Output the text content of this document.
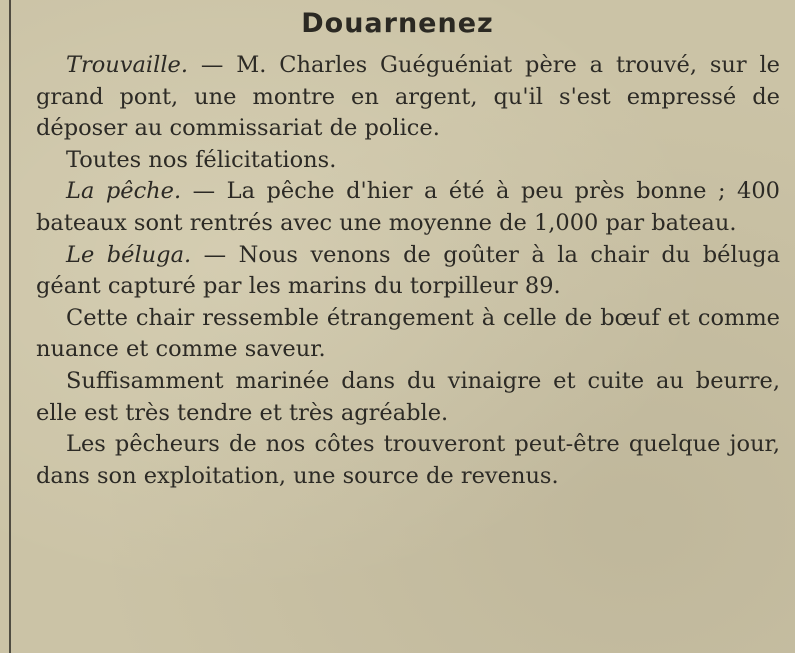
Douarnenez

Trouvaille. — M. Charles Guéguéniat père a trouvé, sur le grand pont, une montre en argent, qu'il s'est empressé de déposer au commissariat de police.

Toutes nos félicitations.

La pêche. — La pêche d'hier a été à peu près bonne ; 400 bateaux sont rentrés avec une moyenne de 1,000 par bateau.

Le béluga. — Nous venons de goûter à la chair du béluga géant capturé par les marins du torpilleur 89.

Cette chair ressemble étrangement à celle de bœuf et comme nuance et comme saveur.

Suffisamment marinée dans du vinaigre et cuite au beurre, elle est très tendre et très agréable.

Les pêcheurs de nos côtes trouveront peut-être quelque jour, dans son exploitation, une source de revenus.
